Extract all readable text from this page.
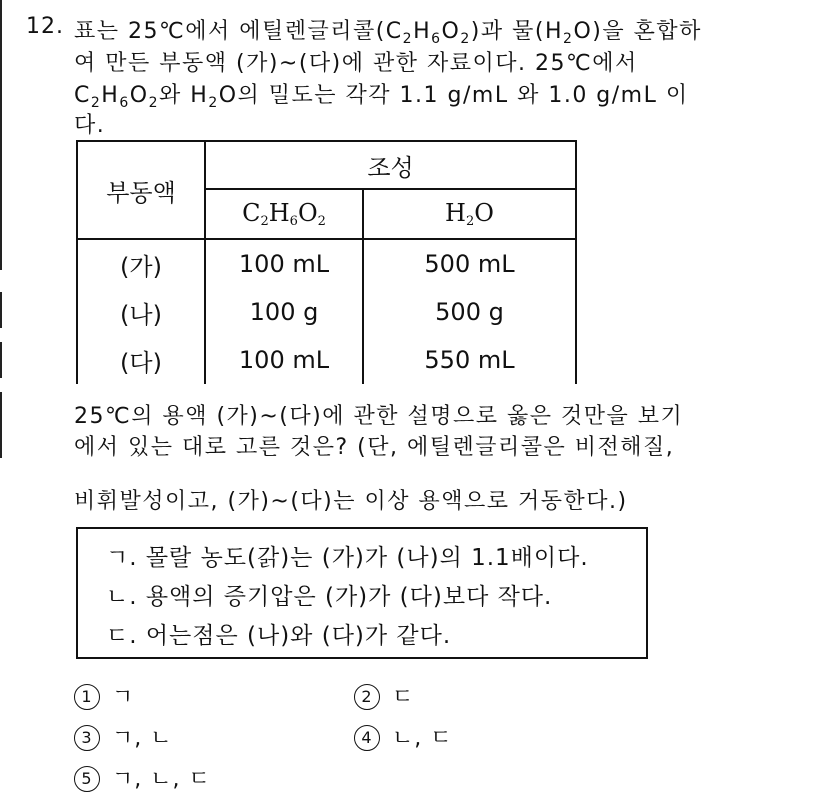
12. 표는 25℃에서 에틸렌글리콜$(C_2H_6O_2)$과 물$(H_2O)$을 혼합하
여 만든 부동액 (가)~(다)에 관한 자료이다. 25℃에서
$C_2H_6O_2$와 $H_2O$의 밀도는 각각 1.1 g/mL 와 1.0 g/mL 이
다.
부동액	조성	
	C2H6O2	H2O
(가)	100 mL	500 mL
(나)	100 g	500 g
(다)	100 mL	550 mL
25℃의 용액 (가)~(다)에 관한 설명으로 옳은 것만을 보기
에서 있는 대로 고른 것은? (단, 에틸렌글리콜은 비전해질,
비휘발성이고, (가)~(다)는 이상 용액으로 거동한다.)
ㄱ. 몰랄 농도(갉)는 (가)가 (나)의 1.1배이다.
ㄴ. 용액의 증기압은 (가)가 (다)보다 작다.
ㄷ. 어는점은 (나)와 (다)가 같다.
1 ㄱ	2 ㄷ
3 ㄱ, ㄴ	4 ㄴ, ㄷ
5 ㄱ, ㄴ, ㄷ
